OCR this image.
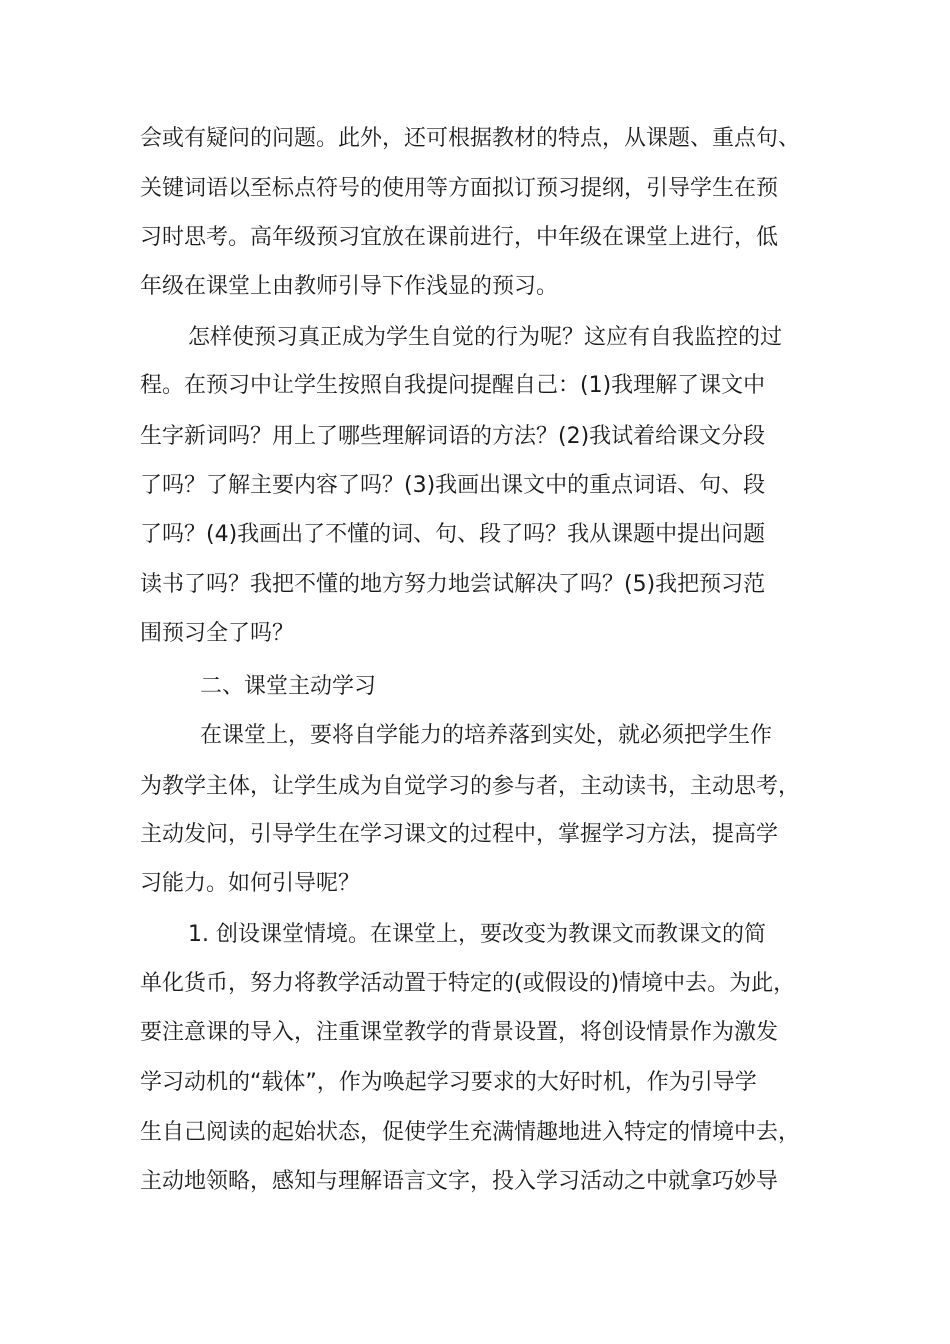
会或有疑问的问题。此外，还可根据教材的特点，从课题、重点句、

关键词语以至标点符号的使用等方面拟订预习提纲，引导学生在预

习时思考。高年级预习宜放在课前进行，中年级在课堂上进行，低

年级在课堂上由教师引导下作浅显的预习。

怎样使预习真正成为学生自觉的行为呢？这应有自我监控的过

程。在预习中让学生按照自我提问提醒自己：(1)我理解了课文中

生字新词吗？用上了哪些理解词语的方法？(2)我试着给课文分段

了吗？了解主要内容了吗？(3)我画出课文中的重点词语、句、段

了吗？(4)我画出了不懂的词、句、段了吗？我从课题中提出问题

读书了吗？我把不懂的地方努力地尝试解决了吗？(5)我把预习范

围预习全了吗？

二、课堂主动学习

在课堂上，要将自学能力的培养落到实处，就必须把学生作

为教学主体，让学生成为自觉学习的参与者，主动读书，主动思考，

主动发问，引导学生在学习课文的过程中，掌握学习方法，提高学

习能力。如何引导呢？

1. 创设课堂情境。在课堂上，要改变为教课文而教课文的简

单化货币，努力将教学活动置于特定的(或假设的)情境中去。为此，

要注意课的导入，注重课堂教学的背景设置，将创设情景作为激发

学习动机的“载体”，作为唤起学习要求的大好时机，作为引导学

生自己阅读的起始状态，促使学生充满情趣地进入特定的情境中去，

主动地领略，感知与理解语言文字，投入学习活动之中就拿巧妙导
